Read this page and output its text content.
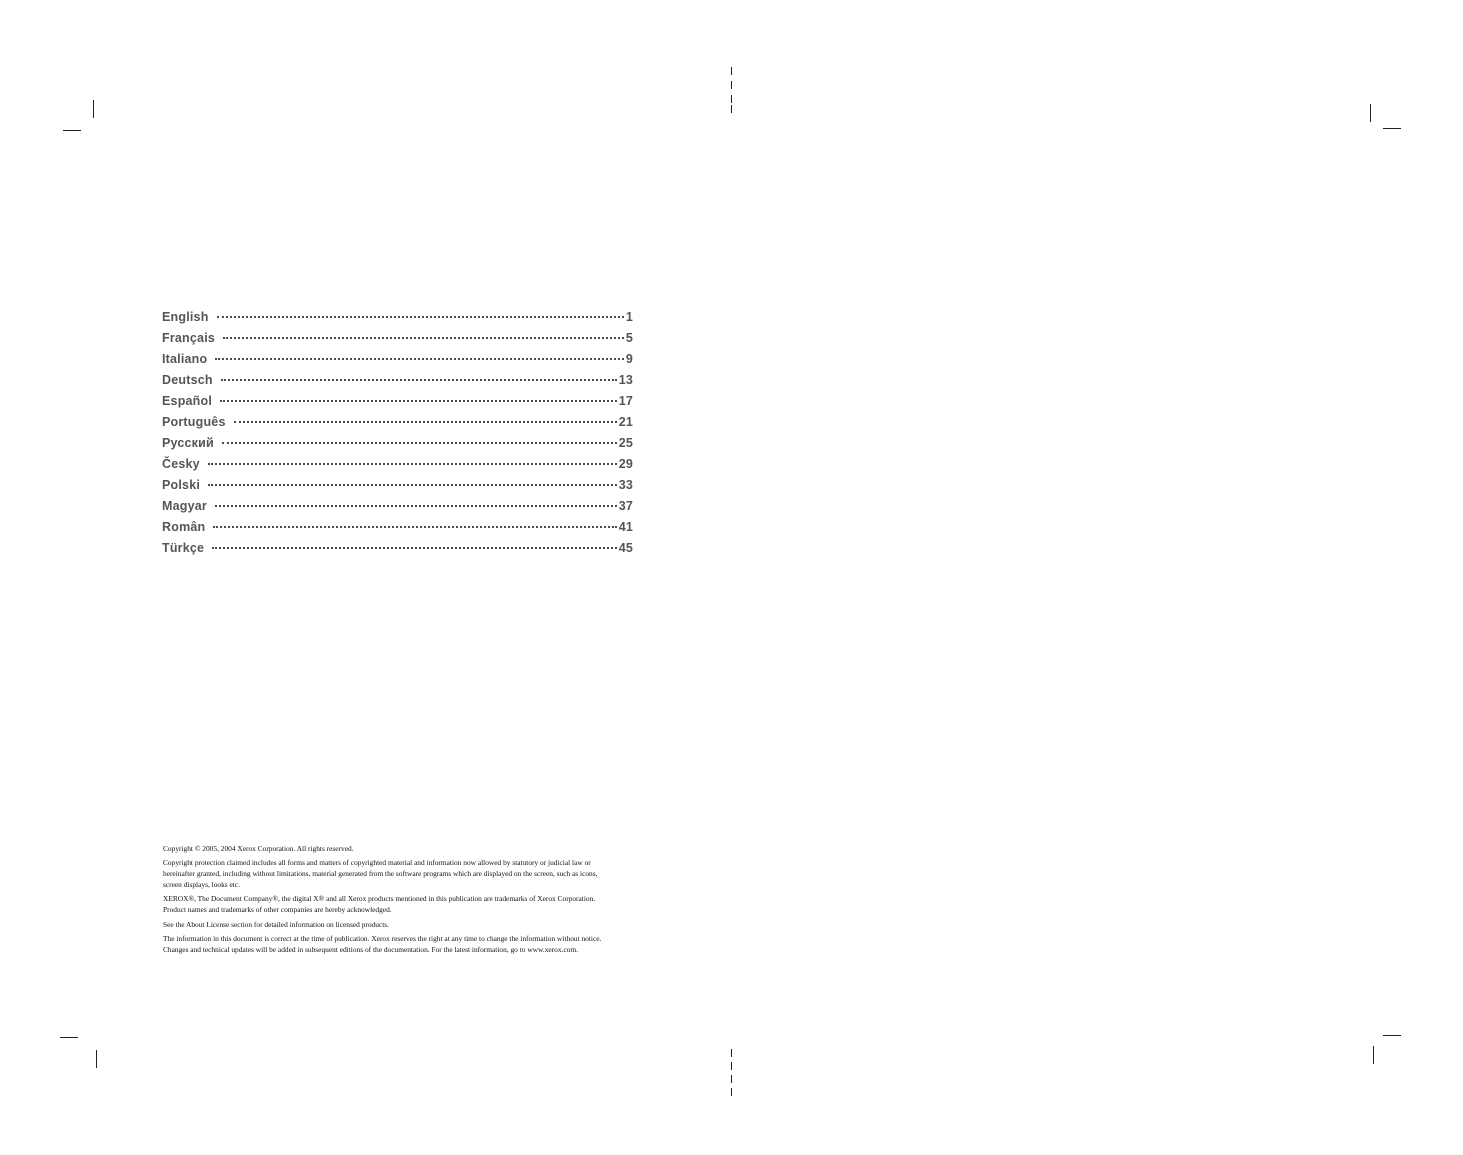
English	1
Français	5
Italiano	9
Deutsch	13
Español	17
Português	21
Русский	25
Česky	29
Polski	33
Magyar	37
Român	41
Türkçe	45

Copyright © 2005, 2004 Xerox Corporation. All rights reserved.

Copyright protection claimed includes all forms and matters of copyrighted material and information now allowed by statutory or judicial law or hereinafter granted, including without limitations, material generated from the software programs which are displayed on the screen, such as icons, screen displays, looks etc.

XEROX®, The Document Company®, the digital X® and all Xerox products mentioned in this publication are trademarks of Xerox Corporation. Product names and trademarks of other companies are hereby acknowledged.

See the About License section for detailed information on licensed products.

The information in this document is correct at the time of publication. Xerox reserves the right at any time to change the information without notice. Changes and technical updates will be added in subsequent editions of the documentation. For the latest information, go to www.xerox.com.
